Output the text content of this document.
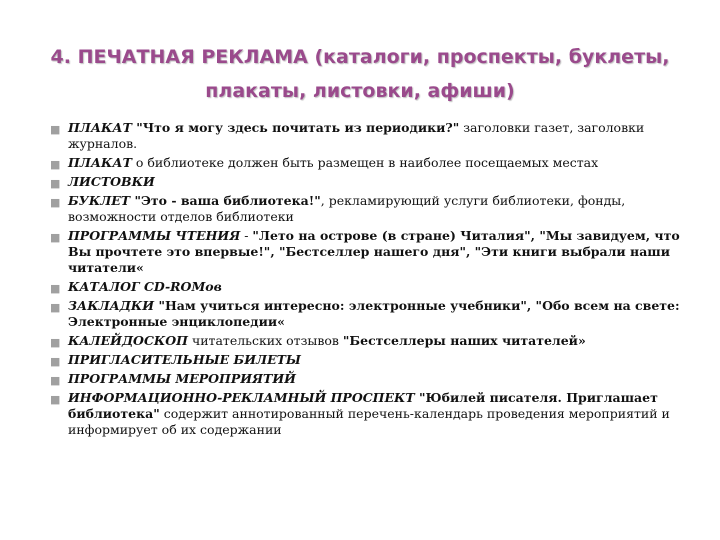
4. ПЕЧАТНАЯ РЕКЛАМА (каталоги, проспекты, буклеты,
плакаты, листовки, афиши)
■ ПЛАКАТ "Что я могу здесь почитать из периодики?" заголовки газет, заголовки журналов.
■ ПЛАКАТ о библиотеке должен быть размещен в наиболее посещаемых местах
■ ЛИСТОВКИ
■ БУКЛЕТ "Это - ваша библиотека!", рекламирующий услуги библиотеки, фонды, возможности отделов библиотеки
■ ПРОГРАММЫ ЧТЕНИЯ - "Лето на острове (в стране) Читалия", "Мы завидуем, что Вы прочтете это впервые!", "Бестселлер нашего дня", "Эти книги выбрали наши читатели«
■ КАТАЛОГ CD-ROMов
■ ЗАКЛАДКИ "Нам учиться интересно: электронные учебники", "Обо всем на свете: Электронные энциклопедии«
■ КАЛЕЙДОСКОП читательских отзывов "Бестселлеры наших читателей»
■ ПРИГЛАСИТЕЛЬНЫЕ БИЛЕТЫ
■ ПРОГРАММЫ МЕРОПРИЯТИЙ
■ ИНФОРМАЦИОННО-РЕКЛАМНЫЙ ПРОСПЕКТ "Юбилей писателя. Приглашает библиотека" содержит аннотированный перечень-календарь проведения мероприятий и информирует об их содержании
